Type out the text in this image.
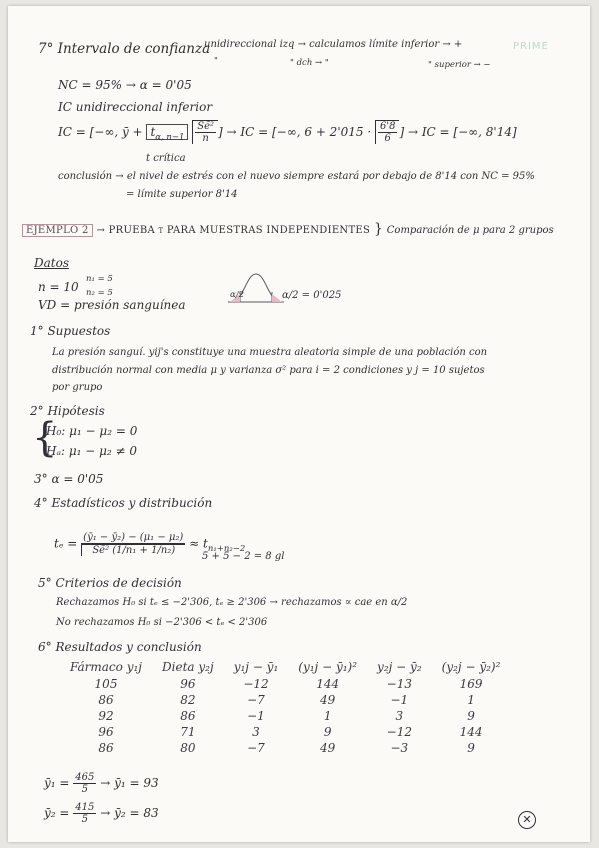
7° Intervalo de confianza
unidireccional izq → calculamos límite inferior → +
"	" dch → "	" superior → −
PRIME
NC = 95% → α = 0'05
IC unidireccional inferior
IC = [−∞, ȳ + $t_{\alpha, n-1} \frac{\text{Sẽ²}}{n}$ ] → IC = [−∞, $6 + 2'015 \cdot \frac{6'8}{6}$ ] → IC = [−∞, 8'14]
t crítica
conclusión → el nivel de estrés con el nuevo siempre estará por debajo de 8'14 con NC = 95%
= límite superior 8'14
EJEMPLO 2 → PRUEBA t PARA MUESTRAS INDEPENDIENTES } Comparación de μ para 2 grupos
Datos
n = 10
n₁ = 5
n₂ = 5
VD = presión sanguínea
α/2	α/2 = 0'025
1° Supuestos
La presión sanguí. yij's constituye una muestra aleatoria simple de una población con
distribución normal con media μ y varianza σ² para i = 2 condiciones y j = 10 sujetos
por grupo
2° Hipótesis
{
H₀: μ₁ − μ₂ = 0
Hₐ: μ₁ − μ₂ ≠ 0
3° α = 0'05
4° Estadísticos y distribución
$t_e = \frac{\text{(ȳ₁ − ȳ₂) − (μ₁ − μ₂)}}{\text{Sẽ² (1/n₁ + 1/n₂)}} \approx t_{n_1+n_2-2}$
5 + 5 − 2 = 8 gl
5° Criterios de decisión
Rechazamos H₀ si tₑ ≤ −2'306, tₑ ≥ 2'306 → rechazamos ∝ cae en α/2
No rechazamos H₀ si −2'306 < tₑ < 2'306
6° Resultados y conclusión
Fármaco y₁j	Dieta y₂j	y₁j − ȳ₁	(y₁j − ȳ₁)²	y₂j − ȳ₂	(y₂j − ȳ₂)²
105	96	−12	144	−13	169
86	82	−7	49	−1	1
92	86	−1	1	3	9
96	71	3	9	−12	144
86	80	−7	49	−3	9
ȳ₁ = $\frac{465}{5}$ → ȳ₁ = 93
ȳ₂ = $\frac{415}{5}$ → ȳ₂ = 83	✕
